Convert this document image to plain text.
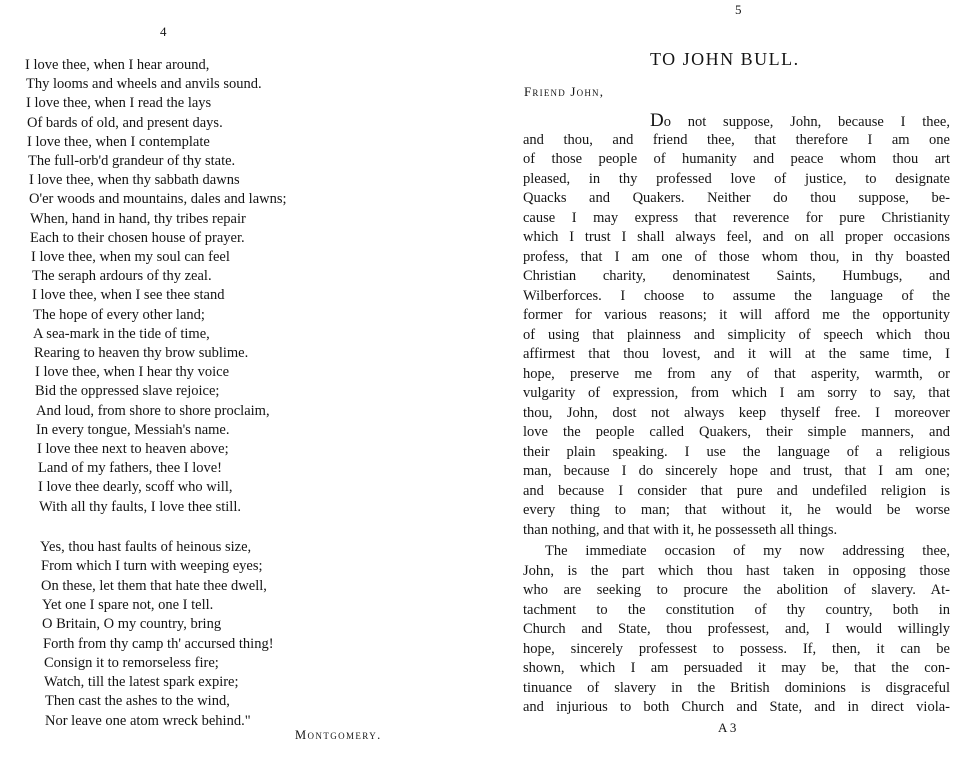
4
I love thee, when I hear around,
Thy looms and wheels and anvils sound.
I love thee, when I read the lays
Of bards of old, and present days.
I love thee, when I contemplate
The full-orb'd grandeur of thy state.
I love thee, when thy sabbath dawns
O'er woods and mountains, dales and lawns;
When, hand in hand, thy tribes repair
Each to their chosen house of prayer.
I love thee, when my soul can feel
The seraph ardours of thy zeal.
I love thee, when I see thee stand
The hope of every other land;
A sea-mark in the tide of time,
Rearing to heaven thy brow sublime.
I love thee, when I hear thy voice
Bid the oppressed slave rejoice;
And loud, from shore to shore proclaim,
In every tongue, Messiah's name.
I love thee next to heaven above;
Land of my fathers, thee I love!
I love thee dearly, scoff who will,
With all thy faults, I love thee still.
Yes, thou hast faults of heinous size,
From which I turn with weeping eyes;
On these, let them that hate thee dwell,
Yet one I spare not, one I tell.
O Britain, O my country, bring
Forth from thy camp th' accursed thing!
Consign it to remorseless fire;
Watch, till the latest spark expire;
Then cast the ashes to the wind,
Nor leave one atom wreck behind."
Montgomery.
5
TO JOHN BULL.

Friend John,

Do not suppose, John, because I thee,
and thou, and friend thee, that therefore I am one
of those people of humanity and peace whom thou art
pleased, in thy professed love of justice, to designate
Quacks and Quakers. Neither do thou suppose, be-
cause I may express that reverence for pure Christianity
which I trust I shall always feel, and on all proper occasions
profess, that I am one of those whom thou, in thy boasted
Christian charity, denominatest Saints, Humbugs, and
Wilberforces. I choose to assume the language of the
former for various reasons; it will afford me the opportunity
of using that plainness and simplicity of speech which thou
affirmest that thou lovest, and it will at the same time, I
hope, preserve me from any of that asperity, warmth, or
vulgarity of expression, from which I am sorry to say, that
thou, John, dost not always keep thyself free. I moreover
love the people called Quakers, their simple manners, and
their plain speaking. I use the language of a religious
man, because I do sincerely hope and trust, that I am one;
and because I consider that pure and undefiled religion is
every thing to man; that without it, he would be worse
than nothing, and that with it, he possesseth all things.
The immediate occasion of my now addressing thee,
John, is the part which thou hast taken in opposing those
who are seeking to procure the abolition of slavery. At-
tachment to the constitution of thy country, both in
Church and State, thou professest, and, I would willingly
hope, sincerely professest to possess. If, then, it can be
shown, which I am persuaded it may be, that the con-
tinuance of slavery in the British dominions is disgraceful
and injurious to both Church and State, and in direct viola-
A 3
